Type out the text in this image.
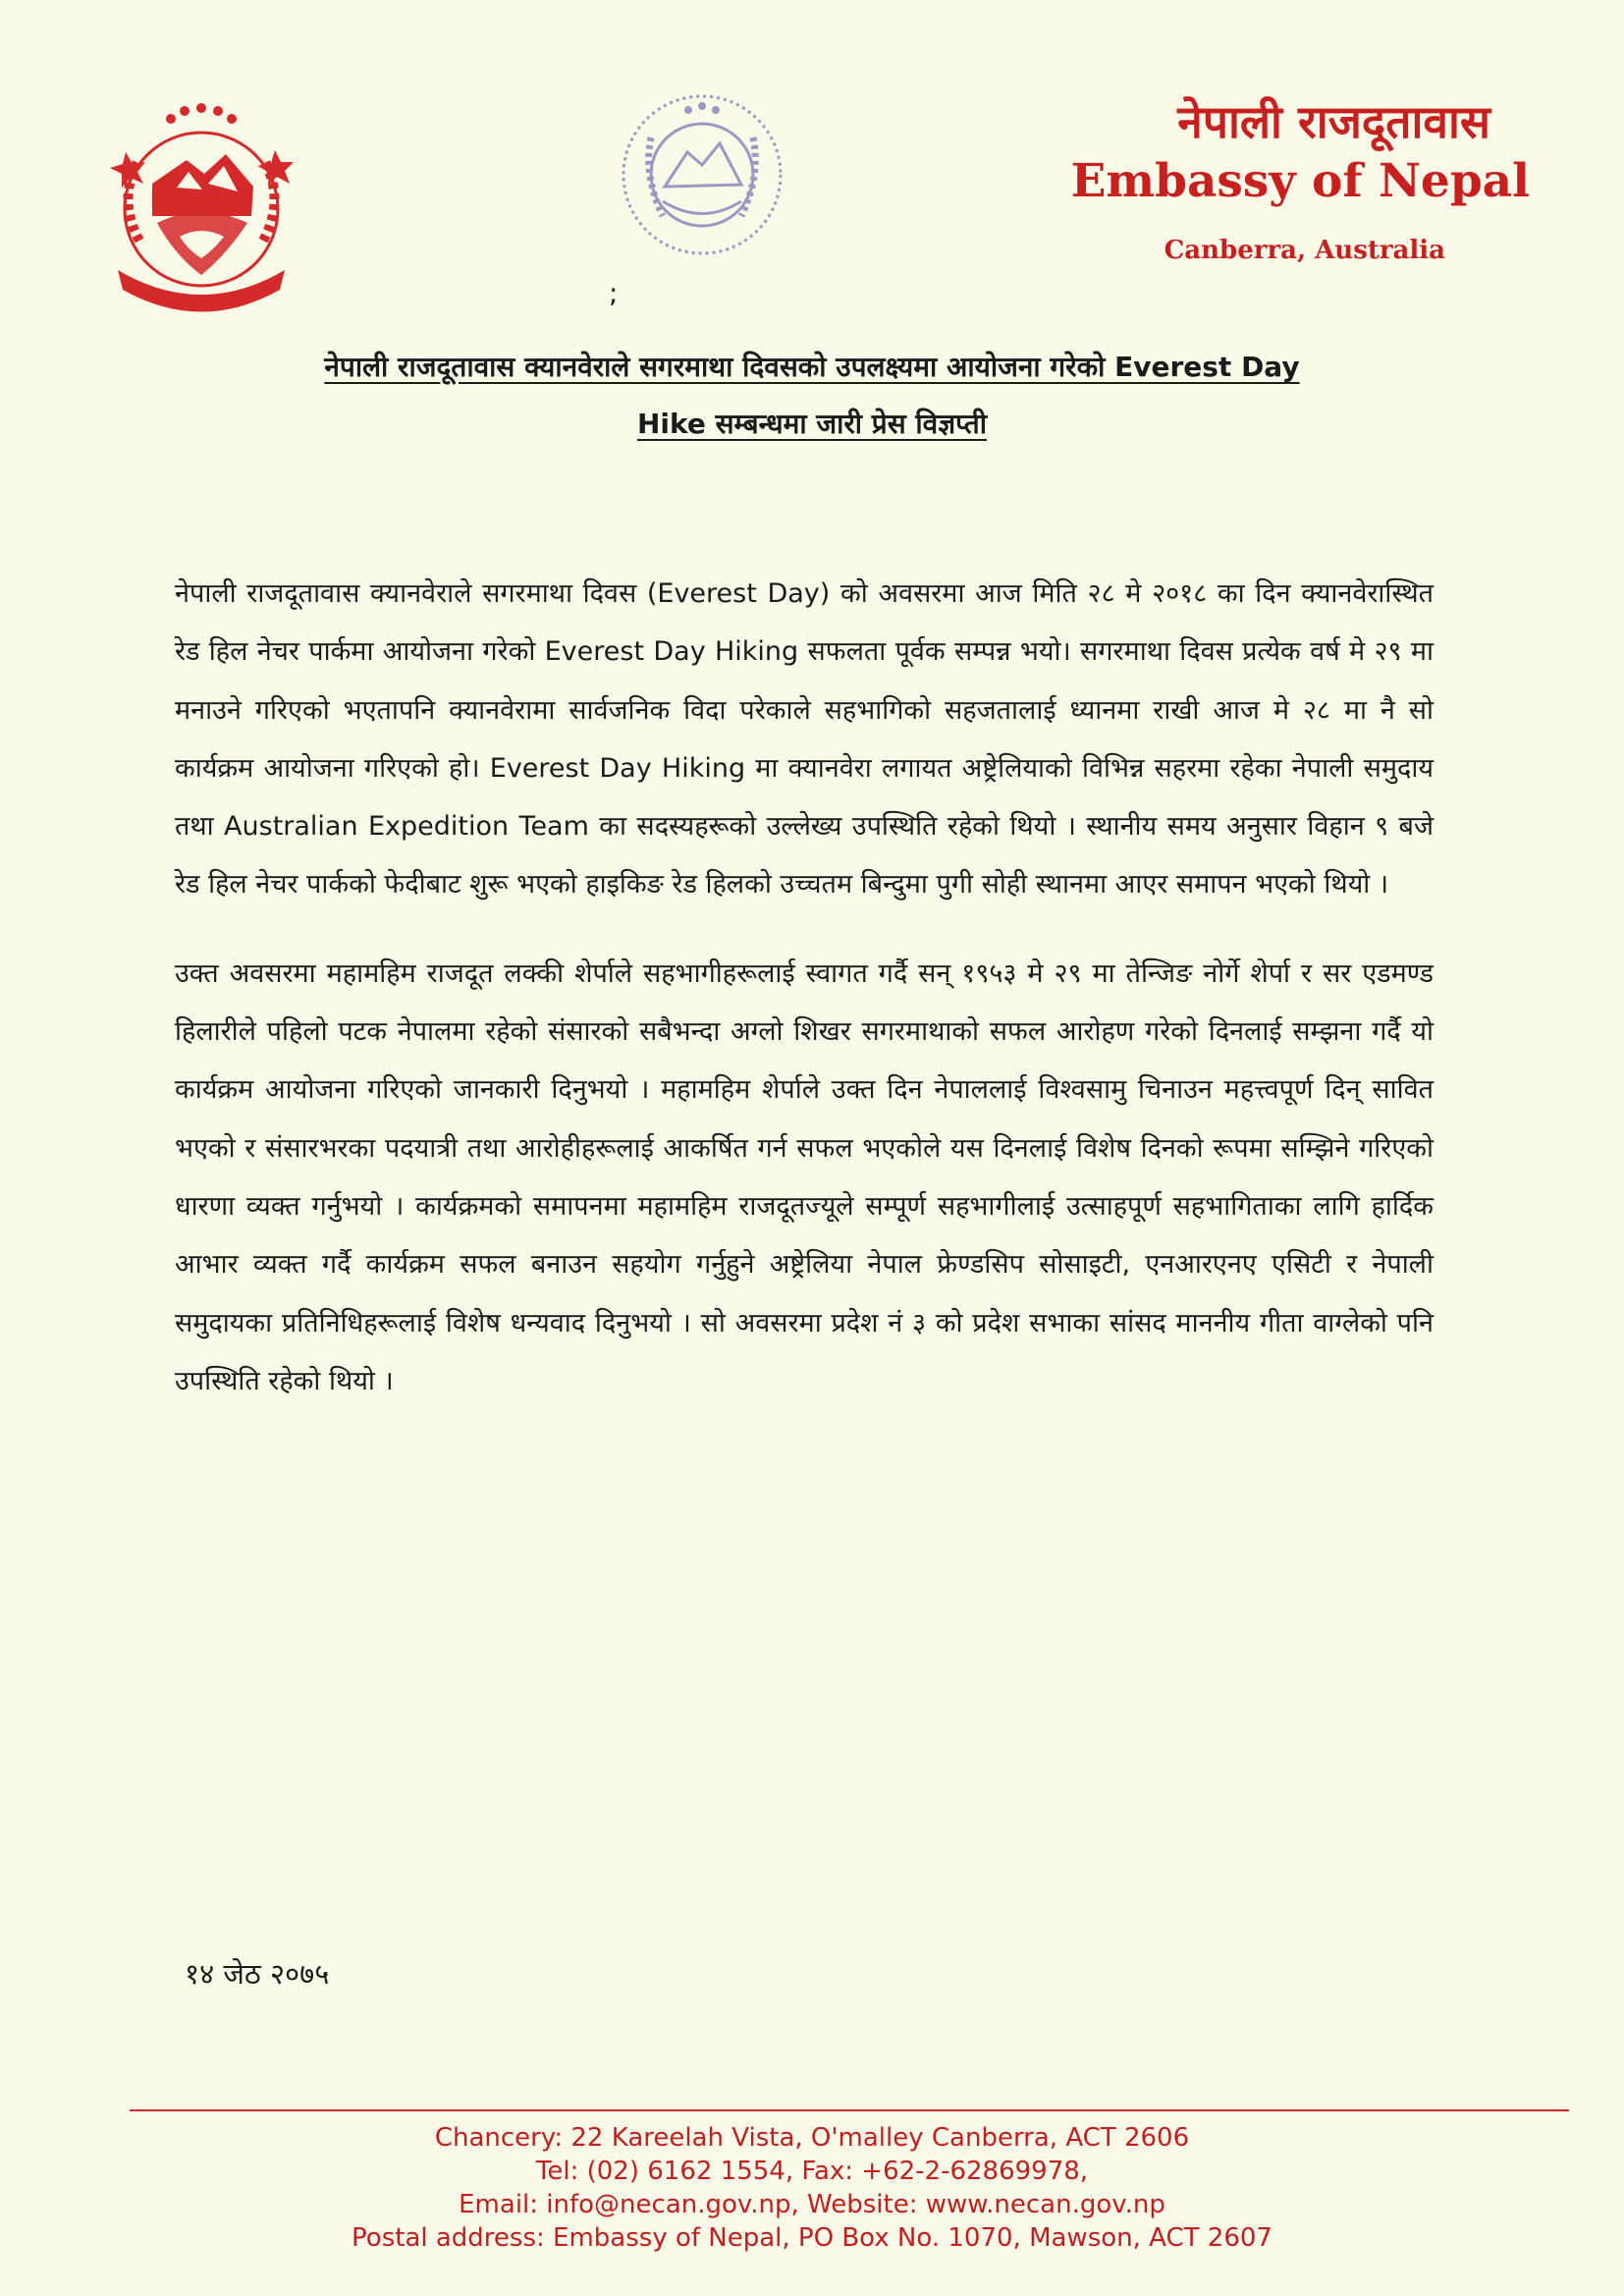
;
नेपाली राजदूतावास
Embassy of Nepal
Canberra, Australia
नेपाली राजदूतावास क्यानवेराले सगरमाथा दिवसको उपलक्ष्यमा आयोजना गरेको Everest Day
Hike सम्बन्धमा जारी प्रेस विज्ञप्ती

नेपाली राजदूतावास क्यानवेराले सगरमाथा दिवस (Everest Day) को अवसरमा आज मिति २८ मे २०१८ का दिन क्यानवेरास्थित रेड हिल नेचर पार्कमा आयोजना गरेको Everest Day Hiking सफलता पूर्वक सम्पन्न भयो। सगरमाथा दिवस प्रत्येक वर्ष मे २९ मा मनाउने गरिएको भएतापनि क्यानवेरामा सार्वजनिक विदा परेकाले सहभागिको सहजतालाई ध्यानमा राखी आज मे २८ मा नै सो कार्यक्रम आयोजना गरिएको हो। Everest Day Hiking मा क्यानवेरा लगायत अष्ट्रेलियाको विभिन्न सहरमा रहेका नेपाली समुदाय तथा Australian Expedition Team का सदस्यहरूको उल्लेख्य उपस्थिति रहेको थियो । स्थानीय समय अनुसार विहान ९ बजे रेड हिल नेचर पार्कको फेदीबाट शुरू भएको हाइकिङ रेड हिलको उच्चतम बिन्दुमा पुगी सोही स्थानमा आएर समापन भएको थियो ।

उक्त अवसरमा महामहिम राजदूत लक्की शेर्पाले सहभागीहरूलाई स्वागत गर्दै सन् १९५३ मे २९ मा तेन्जिङ नोर्गे शेर्पा र सर एडमण्ड हिलारीले पहिलो पटक नेपालमा रहेको संसारको सबैभन्दा अग्लो शिखर सगरमाथाको सफल आरोहण गरेको दिनलाई सम्झना गर्दै यो कार्यक्रम आयोजना गरिएको जानकारी दिनुभयो । महामहिम शेर्पाले उक्त दिन नेपाललाई विश्वसामु चिनाउन महत्त्वपूर्ण दिन् सावित भएको र संसारभरका पदयात्री तथा आरोहीहरूलाई आकर्षित गर्न सफल भएकोले यस दिनलाई विशेष दिनको रूपमा सम्झिने गरिएको धारणा व्यक्त गर्नुभयो । कार्यक्रमको समापनमा महामहिम राजदूतज्यूले सम्पूर्ण सहभागीलाई उत्साहपूर्ण सहभागिताका लागि हार्दिक आभार व्यक्त गर्दै कार्यक्रम सफल बनाउन सहयोग गर्नुहुने अष्ट्रेलिया नेपाल फ्रेण्डसिप सोसाइटी, एनआरएनए एसिटी र नेपाली समुदायका प्रतिनिधिहरूलाई विशेष धन्यवाद दिनुभयो । सो अवसरमा प्रदेश नं ३ को प्रदेश सभाका सांसद माननीय गीता वाग्लेको पनि उपस्थिति रहेको थियो ।

१४ जेठ २०७५
Chancery: 22 Kareelah Vista, O'malley Canberra, ACT 2606
Tel: (02) 6162 1554, Fax: +62-2-62869978,
Email: info@necan.gov.np, Website: www.necan.gov.np
Postal address: Embassy of Nepal, PO Box No. 1070, Mawson, ACT 2607
